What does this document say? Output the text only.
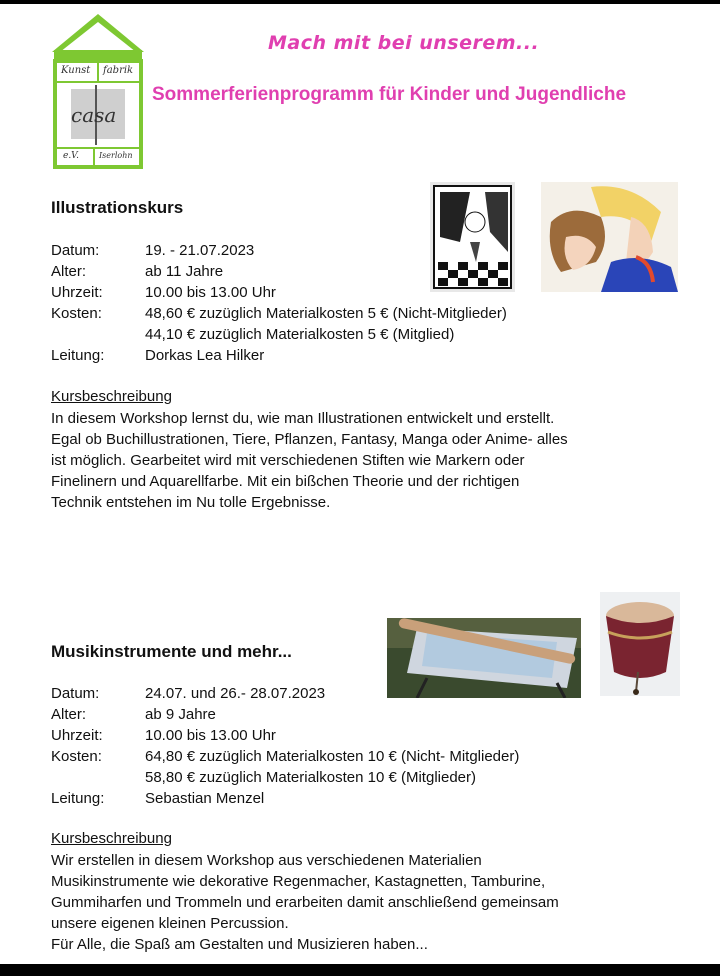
Kunst fabrik
casa
e.V.	Iserlohn
Mach mit bei unserem...
Sommerferienprogramm für Kinder und Jugendliche
Illustrationskurs
Datum:	19. - 21.07.2023
Alter:	ab 11 Jahre
Uhrzeit:	10.00 bis 13.00 Uhr
Kosten:	48,60 € zuzüglich Materialkosten 5 € (Nicht-Mitglieder)
44,10 € zuzüglich Materialkosten 5 € (Mitglied)
Leitung:	Dorkas Lea Hilker
Kursbeschreibung
In diesem Workshop lernst du, wie man Illustrationen entwickelt und erstellt.
Egal ob Buchillustrationen, Tiere, Pflanzen, Fantasy, Manga oder Anime- alles
ist möglich. Gearbeitet wird mit verschiedenen Stiften wie Markern oder
Finelinern und Aquarellfarbe. Mit ein bißchen Theorie und der richtigen
Technik entstehen im Nu tolle Ergebnisse.
Musikinstrumente und mehr...
Datum:	24.07. und 26.- 28.07.2023
Alter:	ab 9 Jahre
Uhrzeit:	10.00 bis 13.00 Uhr
Kosten:	64,80 € zuzüglich Materialkosten 10 € (Nicht- Mitglieder)
58,80 € zuzüglich Materialkosten 10 € (Mitglieder)
Leitung:	Sebastian Menzel
Kursbeschreibung
Wir erstellen in diesem Workshop aus verschiedenen Materialien
Musikinstrumente wie dekorative Regenmacher, Kastagnetten, Tamburine,
Gummiharfen und Trommeln und erarbeiten damit anschließend gemeinsam
unsere eigenen kleinen Percussion.
Für Alle, die Spaß am Gestalten und Musizieren haben...
